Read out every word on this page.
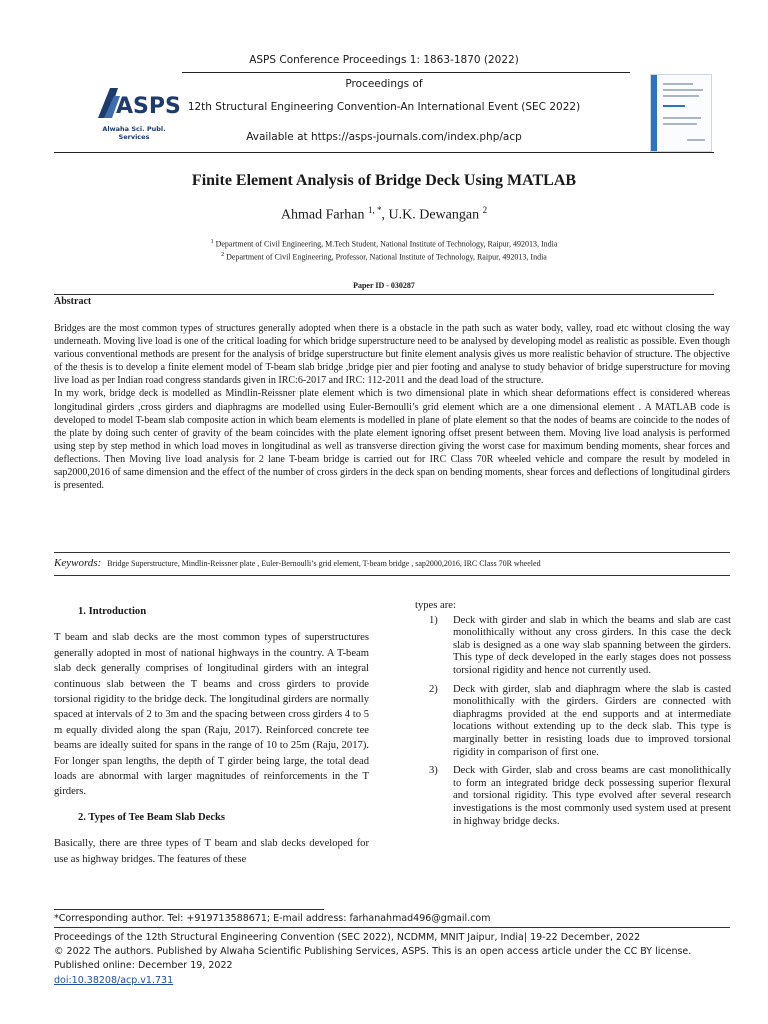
ASPS Conference Proceedings 1: 1863-1870 (2022)
Proceedings of
12th Structural Engineering Convention-An International Event (SEC 2022)
Available at https://asps-journals.com/index.php/acp
ASPS
Alwaha Sci. Publ. Services
Finite Element Analysis of Bridge Deck Using MATLAB
Ahmad Farhan $^{1, *}$, U.K. Dewangan $^2$
$^1$ Department of Civil Engineering, M.Tech Student, National Institute of Technology, Raipur, 492013, India
$^2$ Department of Civil Engineering, Professor, National Institute of Technology, Raipur, 492013, India
Paper ID - 030287
Abstract

Bridges are the most common types of structures generally adopted when there is a obstacle in the path such as water body, valley, road etc without closing the way underneath. Moving live load is one of the critical loading for which bridge superstructure need to be analysed by developing model as realistic as possible. Even though various conventional methods are present for the analysis of bridge superstructure but finite element analysis gives us more realistic behavior of structure. The objective of the thesis is to develop a finite element model of T-beam slab bridge ,bridge pier and pier footing and analyse to study behavior of bridge superstructure for moving live load as per Indian road congress standards given in IRC:6-2017 and IRC: 112-2011 and the dead load of the structure.

In my work, bridge deck is modelled as Mindlin-Reissner plate element which is two dimensional plate in which shear deformations effect is considered whereas longitudinal girders ,cross girders and diaphragms are modelled using Euler-Bernoulli’s grid element which are a one dimensional element . A MATLAB code is developed to model T-beam slab composite action in which beam elements is modelled in plane of plate element so that the nodes of beams are coincide to the nodes of the plate by doing such center of gravity of the beam coincides with the plate element ignoring offset present between them. Moving live load analysis is performed using step by step method in which load moves in longitudinal as well as transverse direction giving the worst case for maximum bending moments, shear forces and deflections. Then Moving live load analysis for 2 lane T-beam bridge is carried out for IRC Class 70R wheeled vehicle and compare the result by modeled in sap2000,2016 of same dimension and the effect of the number of cross girders in the deck span on bending moments, shear forces and deflections of longitudinal girders is presented.

Keywords: Bridge Superstructure, Mindlin-Reissner plate , Euler-Bernoulli’s grid element, T-beam bridge , sap2000,2016, IRC Class 70R wheeled
1. Introduction

T beam and slab decks are the most common types of superstructures generally adopted in most of national highways in the country. A T-beam slab deck generally comprises of longitudinal girders with an integral continuous slab between the T beams and cross girders to provide torsional rigidity to the bridge deck. The longitudinal girders are normally spaced at intervals of 2 to 3m and the spacing between cross girders 4 to 5 m equally divided along the span (Raju, 2017). Reinforced concrete tee beams are ideally suited for spans in the range of 10 to 25m (Raju, 2017). For longer span lengths, the depth of T girder being large, the total dead loads are abnormal with larger magnitudes of reinforcements in the T girders.

2. Types of Tee Beam Slab Decks

Basically, there are three types of T beam and slab decks developed for use as highway bridges. The features of these

types are:

1) Deck with girder and slab in which the beams and slab are cast monolithically without any cross girders. In this case the deck slab is designed as a one way slab spanning between the girders. This type of deck developed in the early stages does not possess torsional rigidity and hence not currently used.
2) Deck with girder, slab and diaphragm where the slab is casted monolithically with the girders. Girders are connected with diaphragms provided at the end supports and at intermediate locations without extending up to the deck slab. This type is marginally better in resisting loads due to improved torsional rigidity in comparison of first one.
3) Deck with Girder, slab and cross beams are cast monolithically to form an integrated bridge deck possessing superior flexural and torsional rigidity. This type evolved after several research investigations is the most commonly used system used at present in highway bridge decks.
*Corresponding author. Tel: +919713588671; E-mail address: farhanahmad496@gmail.com
Proceedings of the 12th Structural Engineering Convention (SEC 2022), NCDMM, MNIT Jaipur, India| 19-22 December, 2022
© 2022 The authors. Published by Alwaha Scientific Publishing Services, ASPS. This is an open access article under the CC BY license.
Published online: December 19, 2022
doi:10.38208/acp.v1.731
